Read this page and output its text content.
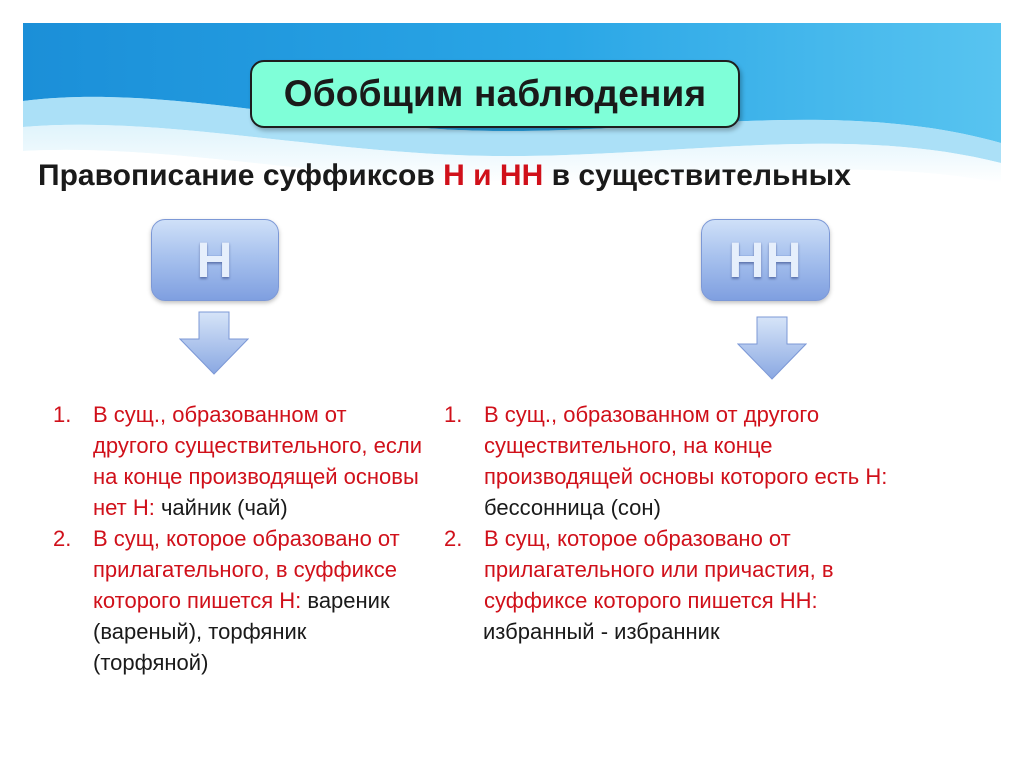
Обобщим наблюдения
Правописание суффиксов Н и НН в существительных
Н	НН
1. В сущ., образованном от другого существительного, если на конце производящей основы нет Н: чайник (чай)
2. В сущ, которое образовано от прилагательного, в суффиксе которого пишется Н: вареник (вареный), торфяник (торфяной)
1. В сущ., образованном от другого существительного, на конце производящей основы которого есть Н: бессонница (сон)
2. В сущ, которое образовано от прилагательного или причастия, в суффиксе которого пишется НН:
избранный - избранник
